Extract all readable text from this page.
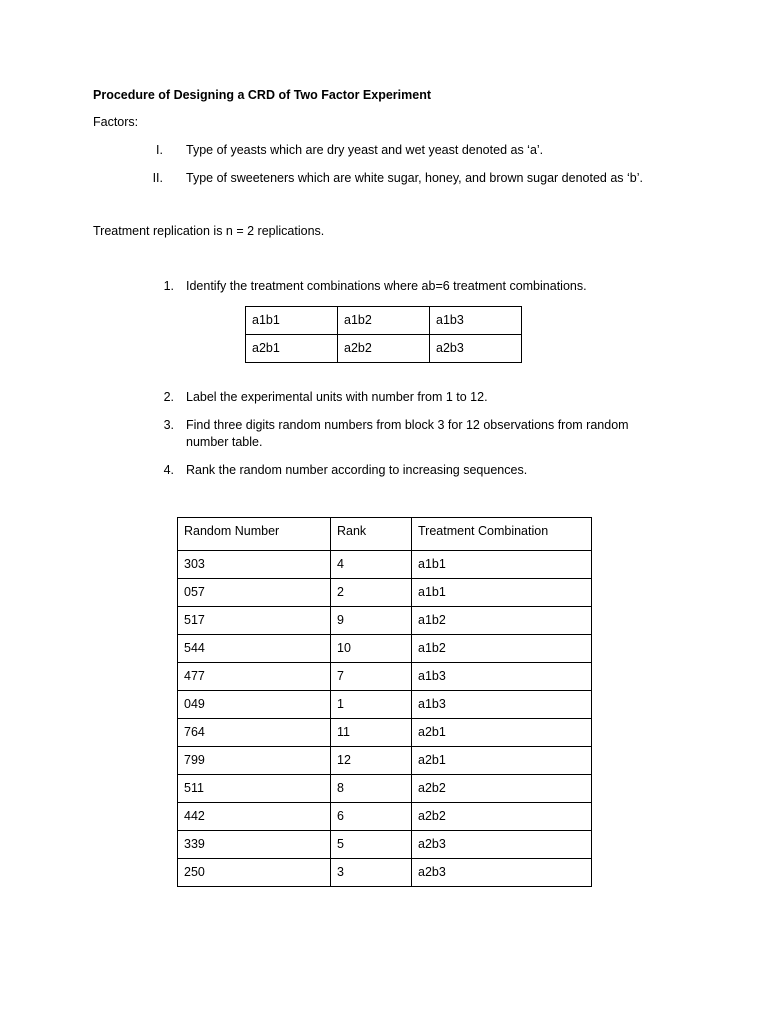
Procedure of Designing a CRD of Two Factor Experiment
Factors:
I. Type of yeasts which are dry yeast and wet yeast denoted as ‘a’.
II. Type of sweeteners which are white sugar, honey, and brown sugar denoted as ‘b’.
Treatment replication is n = 2 replications.
1. Identify the treatment combinations where ab=6 treatment combinations.
a1b1	a1b2	a1b3
a2b1	a2b2	a2b3
2. Label the experimental units with number from 1 to 12.
3. Find three digits random numbers from block 3 for 12 observations from random
number table.
4. Rank the random number according to increasing sequences.
Random Number	Rank	Treatment Combination
303	4	a1b1
057	2	a1b1
517	9	a1b2
544	10	a1b2
477	7	a1b3
049	1	a1b3
764	11	a2b1
799	12	a2b1
511	8	a2b2
442	6	a2b2
339	5	a2b3
250	3	a2b3
